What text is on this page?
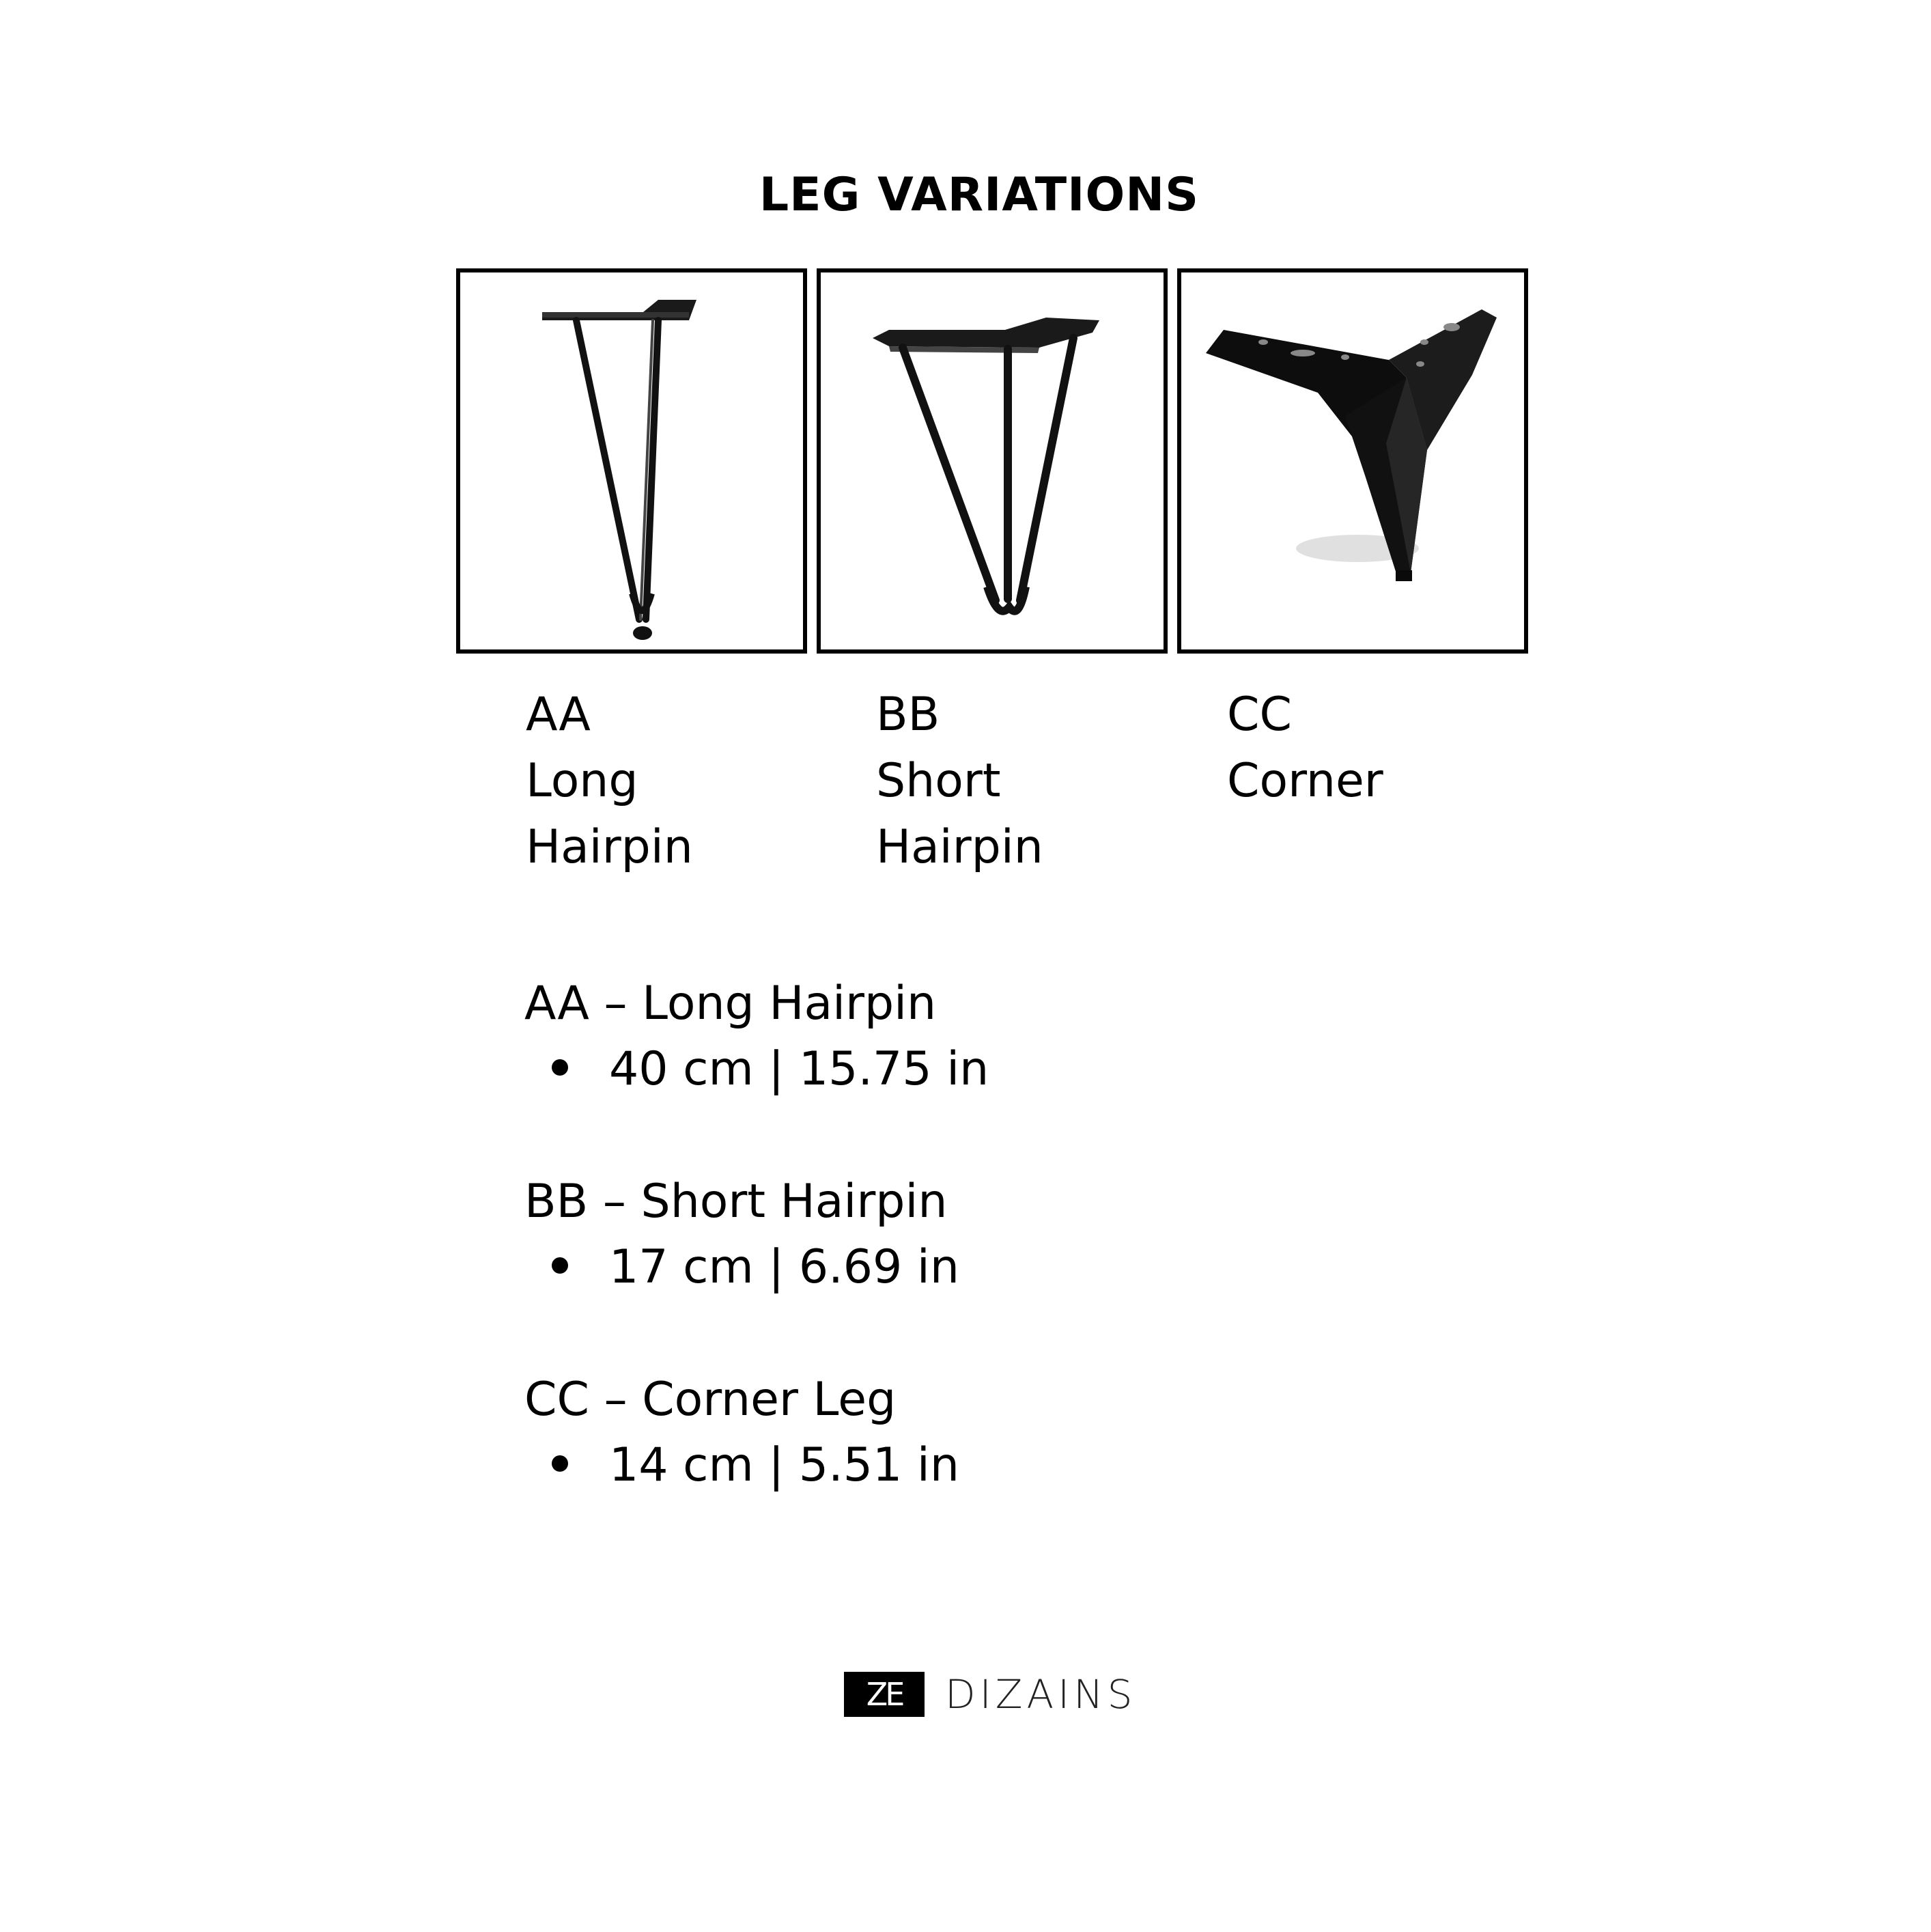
LEG VARIATIONS
AA
Long
Hairpin
BB
Short
Hairpin
CC
Corner
AA – Long Hairpin
40 cm | 15.75 in
BB – Short Hairpin
17 cm | 6.69 in
CC – Corner Leg
14 cm | 5.51 in
ZE	DIZAINS
